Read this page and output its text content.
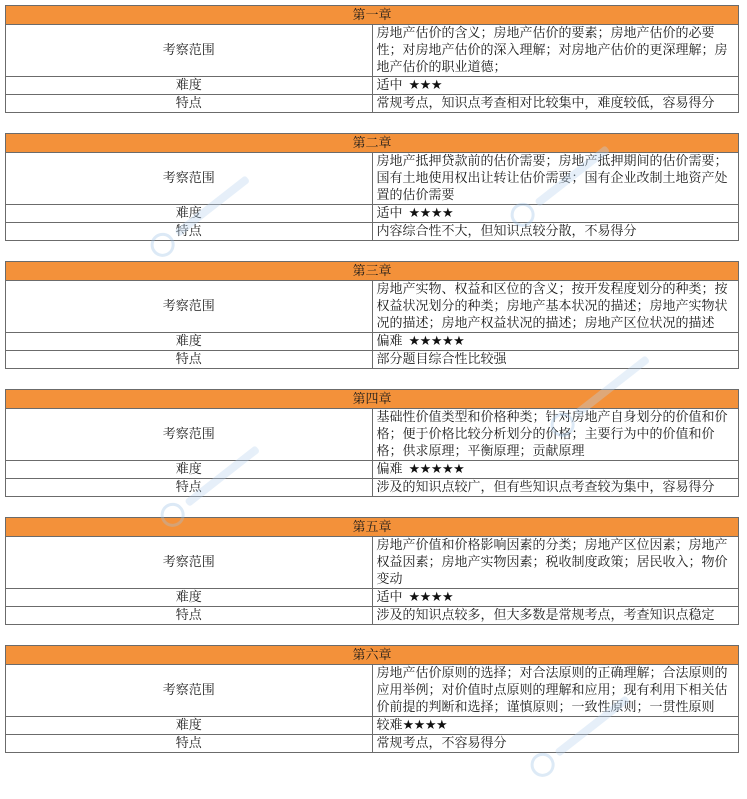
第一章	
考察范围	房地产估价的含义；房地产估价的要素；房地产估价的必要性；对房地产估价的深入理解；对房地产估价的更深理解；房地产估价的职业道德；
难度	适中 ★★★
特点	常规考点，知识点考查相对比较集中，难度较低，容易得分
第二章	
考察范围	房地产抵押贷款前的估价需要；房地产抵押期间的估价需要；国有土地使用权出让转让估价需要；国有企业改制土地资产处置的估价需要
难度	适中 ★★★★
特点	内容综合性不大，但知识点较分散，不易得分
第三章	
考察范围	房地产实物、权益和区位的含义；按开发程度划分的种类；按权益状况划分的种类；房地产基本状况的描述；房地产实物状况的描述；房地产权益状况的描述；房地产区位状况的描述
难度	偏难 ★★★★★
特点	部分题目综合性比较强
第四章	
考察范围	基础性价值类型和价格种类；针对房地产自身划分的价值和价格；便于价格比较分析划分的价格；主要行为中的价值和价格；供求原理；平衡原理；贡献原理
难度	偏难 ★★★★★
特点	涉及的知识点较广，但有些知识点考查较为集中，容易得分
第五章	
考察范围	房地产价值和价格影响因素的分类；房地产区位因素；房地产权益因素；房地产实物因素；税收制度政策；居民收入；物价变动
难度	适中 ★★★★
特点	涉及的知识点较多，但大多数是常规考点，考查知识点稳定
第六章	
考察范围	房地产估价原则的选择；对合法原则的正确理解；合法原则的应用举例；对价值时点原则的理解和应用；现有利用下相关估价前提的判断和选择；谨慎原则；一致性原则；一贯性原则
难度	较难★★★★
特点	常规考点，不容易得分
